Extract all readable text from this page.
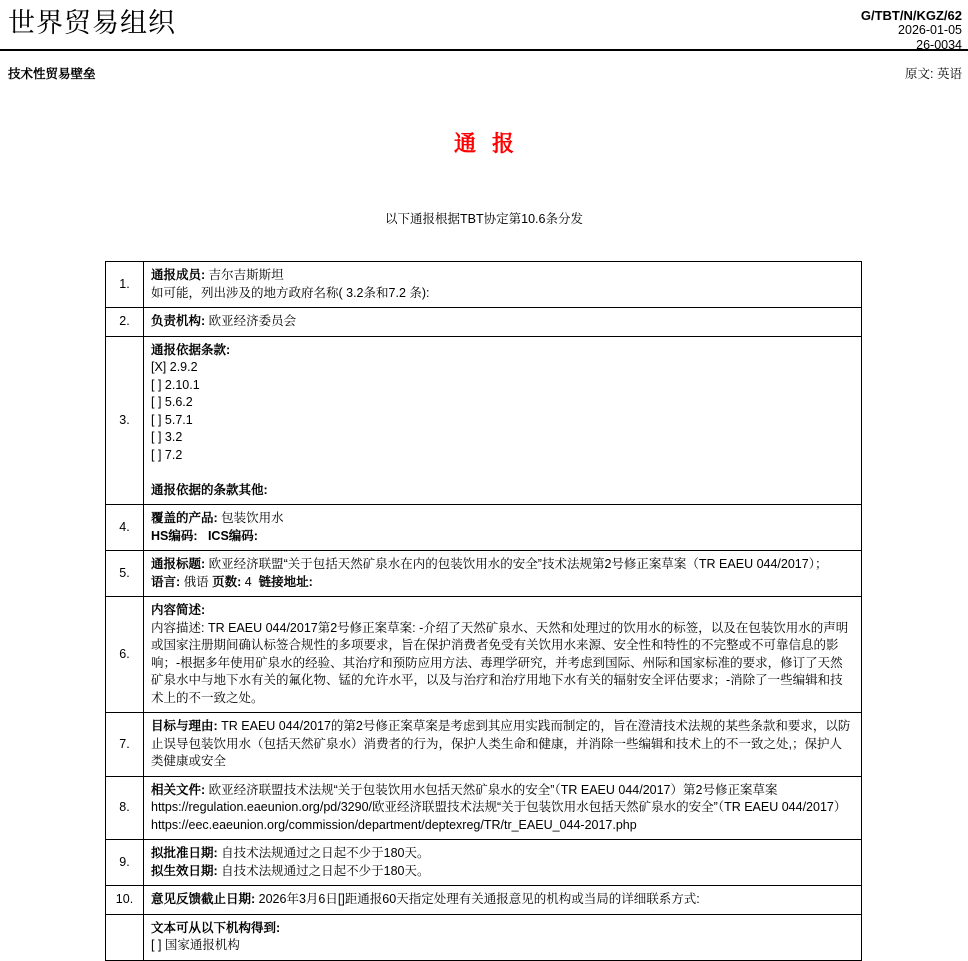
世界贸易组织	G/TBT/N/KGZ/62
2026-01-05
26-0034
技术性贸易壁垒	原文: 英语
通 报
以下通报根据TBT协定第10.6条分发
1.	通报成员: 吉尔吉斯斯坦
如可能，列出涉及的地方政府名称( 3.2条和7.2 条):

2.	负责机构: 欧亚经济委员会

3.	
通报依据条款:
[X] 2.9.2
[ ] 2.10.1
[ ] 5.6.2
[ ] 5.7.1
[ ] 3.2
[ ] 7.2

通报依据的条款其他:

4.	覆盖的产品: 包装饮用水
HS编码: ICS编码:

5.	通报标题: 欧亚经济联盟“关于包括天然矿泉水在内的包装饮用水的安全”技术法规第2号修正案草案（TR EAEU 044/2017）；
语言: 俄语 页数: 4  链接地址:

6.	内容简述:
内容描述: TR EAEU 044/2017第2号修正案草案: -介绍了天然矿泉水、天然和处理过的饮用水的标签，以及在包装饮用水的声明或国家注册期间确认标签合规性的多项要求，旨在保护消费者免受有关饮用水来源、安全性和特性的不完整或不可靠信息的影响；-根据多年使用矿泉水的经验、其治疗和预防应用方法、毒理学研究，并考虑到国际、州际和国家标准的要求，修订了天然矿泉水中与地下水有关的氟化物、锰的允许水平，以及与治疗和治疗用地下水有关的辐射安全评估要求；-消除了一些编辑和技术上的不一致之处。

7.	目标与理由: TR EAEU 044/2017的第2号修正案草案是考虑到其应用实践而制定的，旨在澄清技术法规的某些条款和要求，以防止误导包装饮用水（包括天然矿泉水）消费者的行为，保护人类生命和健康，并消除一些编辑和技术上的不一致之处,；保护人类健康或安全

8.	相关文件: 欧亚经济联盟技术法规“关于包装饮用水包括天然矿泉水的安全”（TR EAEU 044/2017）第2号修正案草案 https://regulation.eaeunion.org/pd/3290/欧亚经济联盟技术法规“关于包装饮用水包括天然矿泉水的安全”（TR EAEU 044/2017）https://eec.eaeunion.org/commission/department/deptexreg/TR/tr_EAEU_044-2017.php

9.	拟批准日期: 自技术法规通过之日起不少于180天。
拟生效日期: 自技术法规通过之日起不少于180天。

10.	意见反馈截止日期: 2026年3月6日[]距通报60天指定处理有关通报意见的机构或当局的详细联系方式:

	文本可从以下机构得到:
[ ] 国家通报机构
